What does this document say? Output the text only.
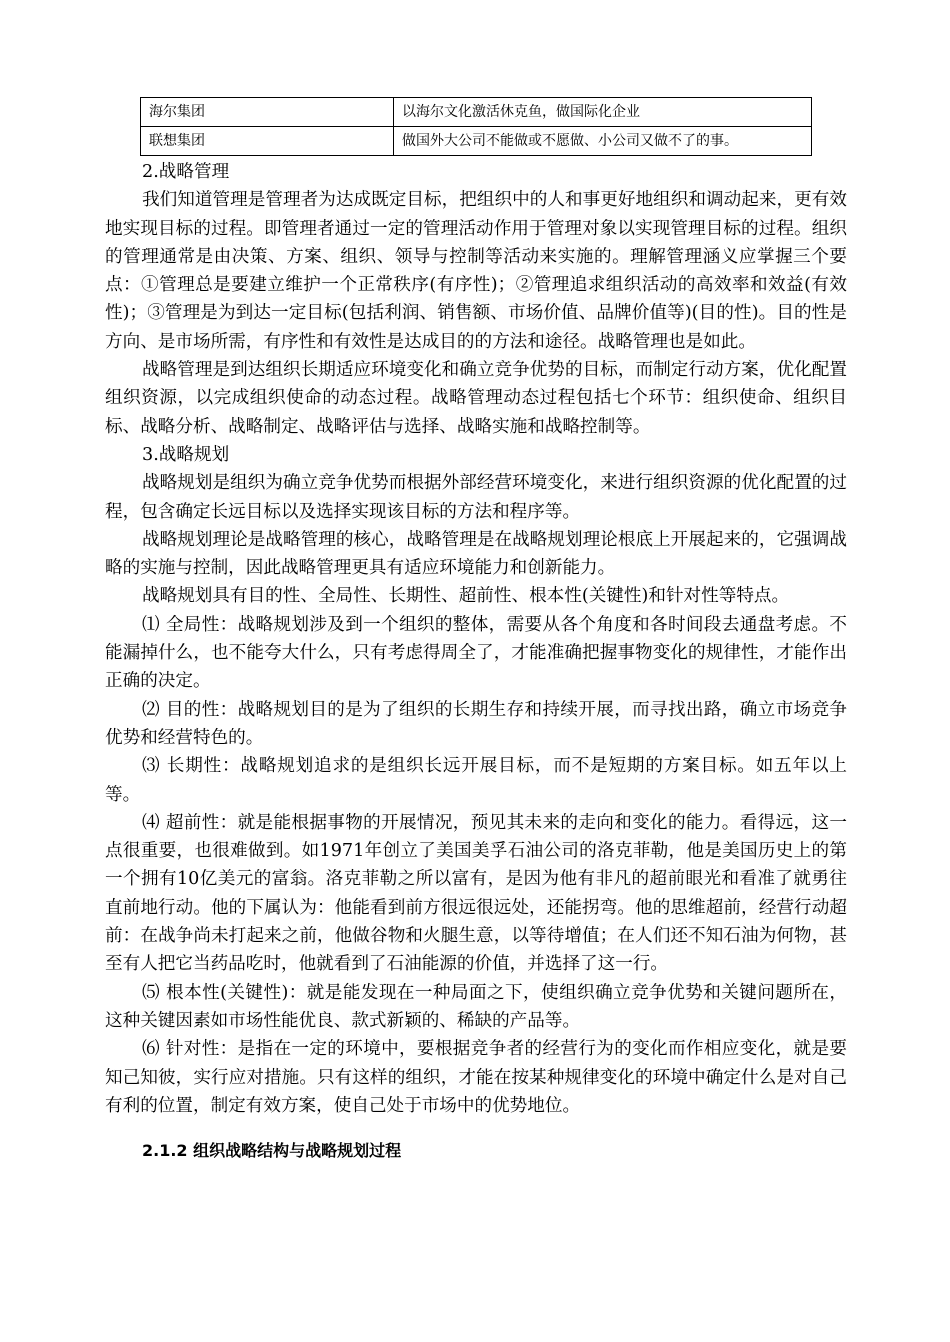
海尔集团	以海尔文化激活休克鱼，做国际化企业
联想集团	做国外大公司不能做或不愿做、小公司又做不了的事。

2.战略管理

我们知道管理是管理者为达成既定目标，把组织中的人和事更好地组织和调动起来，更有效地实现目标的过程。即管理者通过一定的管理活动作用于管理对象以实现管理目标的过程。组织的管理通常是由决策、方案、组织、领导与控制等活动来实施的。理解管理涵义应掌握三个要点：①管理总是要建立维护一个正常秩序(有序性)；②管理追求组织活动的高效率和效益(有效性)；③管理是为到达一定目标(包括利润、销售额、市场价值、品牌价值等)(目的性)。目的性是方向、是市场所需，有序性和有效性是达成目的的方法和途径。战略管理也是如此。

战略管理是到达组织长期适应环境变化和确立竞争优势的目标，而制定行动方案，优化配置组织资源，以完成组织使命的动态过程。战略管理动态过程包括七个环节：组织使命、组织目标、战略分析、战略制定、战略评估与选择、战略实施和战略控制等。

3.战略规划

战略规划是组织为确立竞争优势而根据外部经营环境变化，来进行组织资源的优化配置的过程，包含确定长远目标以及选择实现该目标的方法和程序等。

战略规划理论是战略管理的核心，战略管理是在战略规划理论根底上开展起来的，它强调战略的实施与控制，因此战略管理更具有适应环境能力和创新能力。

战略规划具有目的性、全局性、长期性、超前性、根本性(关键性)和针对性等特点。

⑴ 全局性：战略规划涉及到一个组织的整体，需要从各个角度和各时间段去通盘考虑。不能漏掉什么，也不能夸大什么，只有考虑得周全了，才能准确把握事物变化的规律性，才能作出正确的决定。

⑵ 目的性：战略规划目的是为了组织的长期生存和持续开展，而寻找出路，确立市场竞争优势和经营特色的。

⑶ 长期性：战略规划追求的是组织长远开展目标，而不是短期的方案目标。如五年以上等。

⑷ 超前性：就是能根据事物的开展情况，预见其未来的走向和变化的能力。看得远，这一点很重要，也很难做到。如1971年创立了美国美孚石油公司的洛克菲勒，他是美国历史上的第一个拥有10亿美元的富翁。洛克菲勒之所以富有，是因为他有非凡的超前眼光和看准了就勇往直前地行动。他的下属认为：他能看到前方很远很远处，还能拐弯。他的思维超前，经营行动超前：在战争尚未打起来之前，他做谷物和火腿生意，以等待增值；在人们还不知石油为何物，甚至有人把它当药品吃时，他就看到了石油能源的价值，并选择了这一行。

⑸ 根本性(关键性)：就是能发现在一种局面之下，使组织确立竞争优势和关键问题所在，这种关键因素如市场性能优良、款式新颖的、稀缺的产品等。

⑹ 针对性：是指在一定的环境中，要根据竞争者的经营行为的变化而作相应变化，就是要知己知彼，实行应对措施。只有这样的组织，才能在按某种规律变化的环境中确定什么是对自己有利的位置，制定有效方案，使自己处于市场中的优势地位。

2.1.2 组织战略结构与战略规划过程
